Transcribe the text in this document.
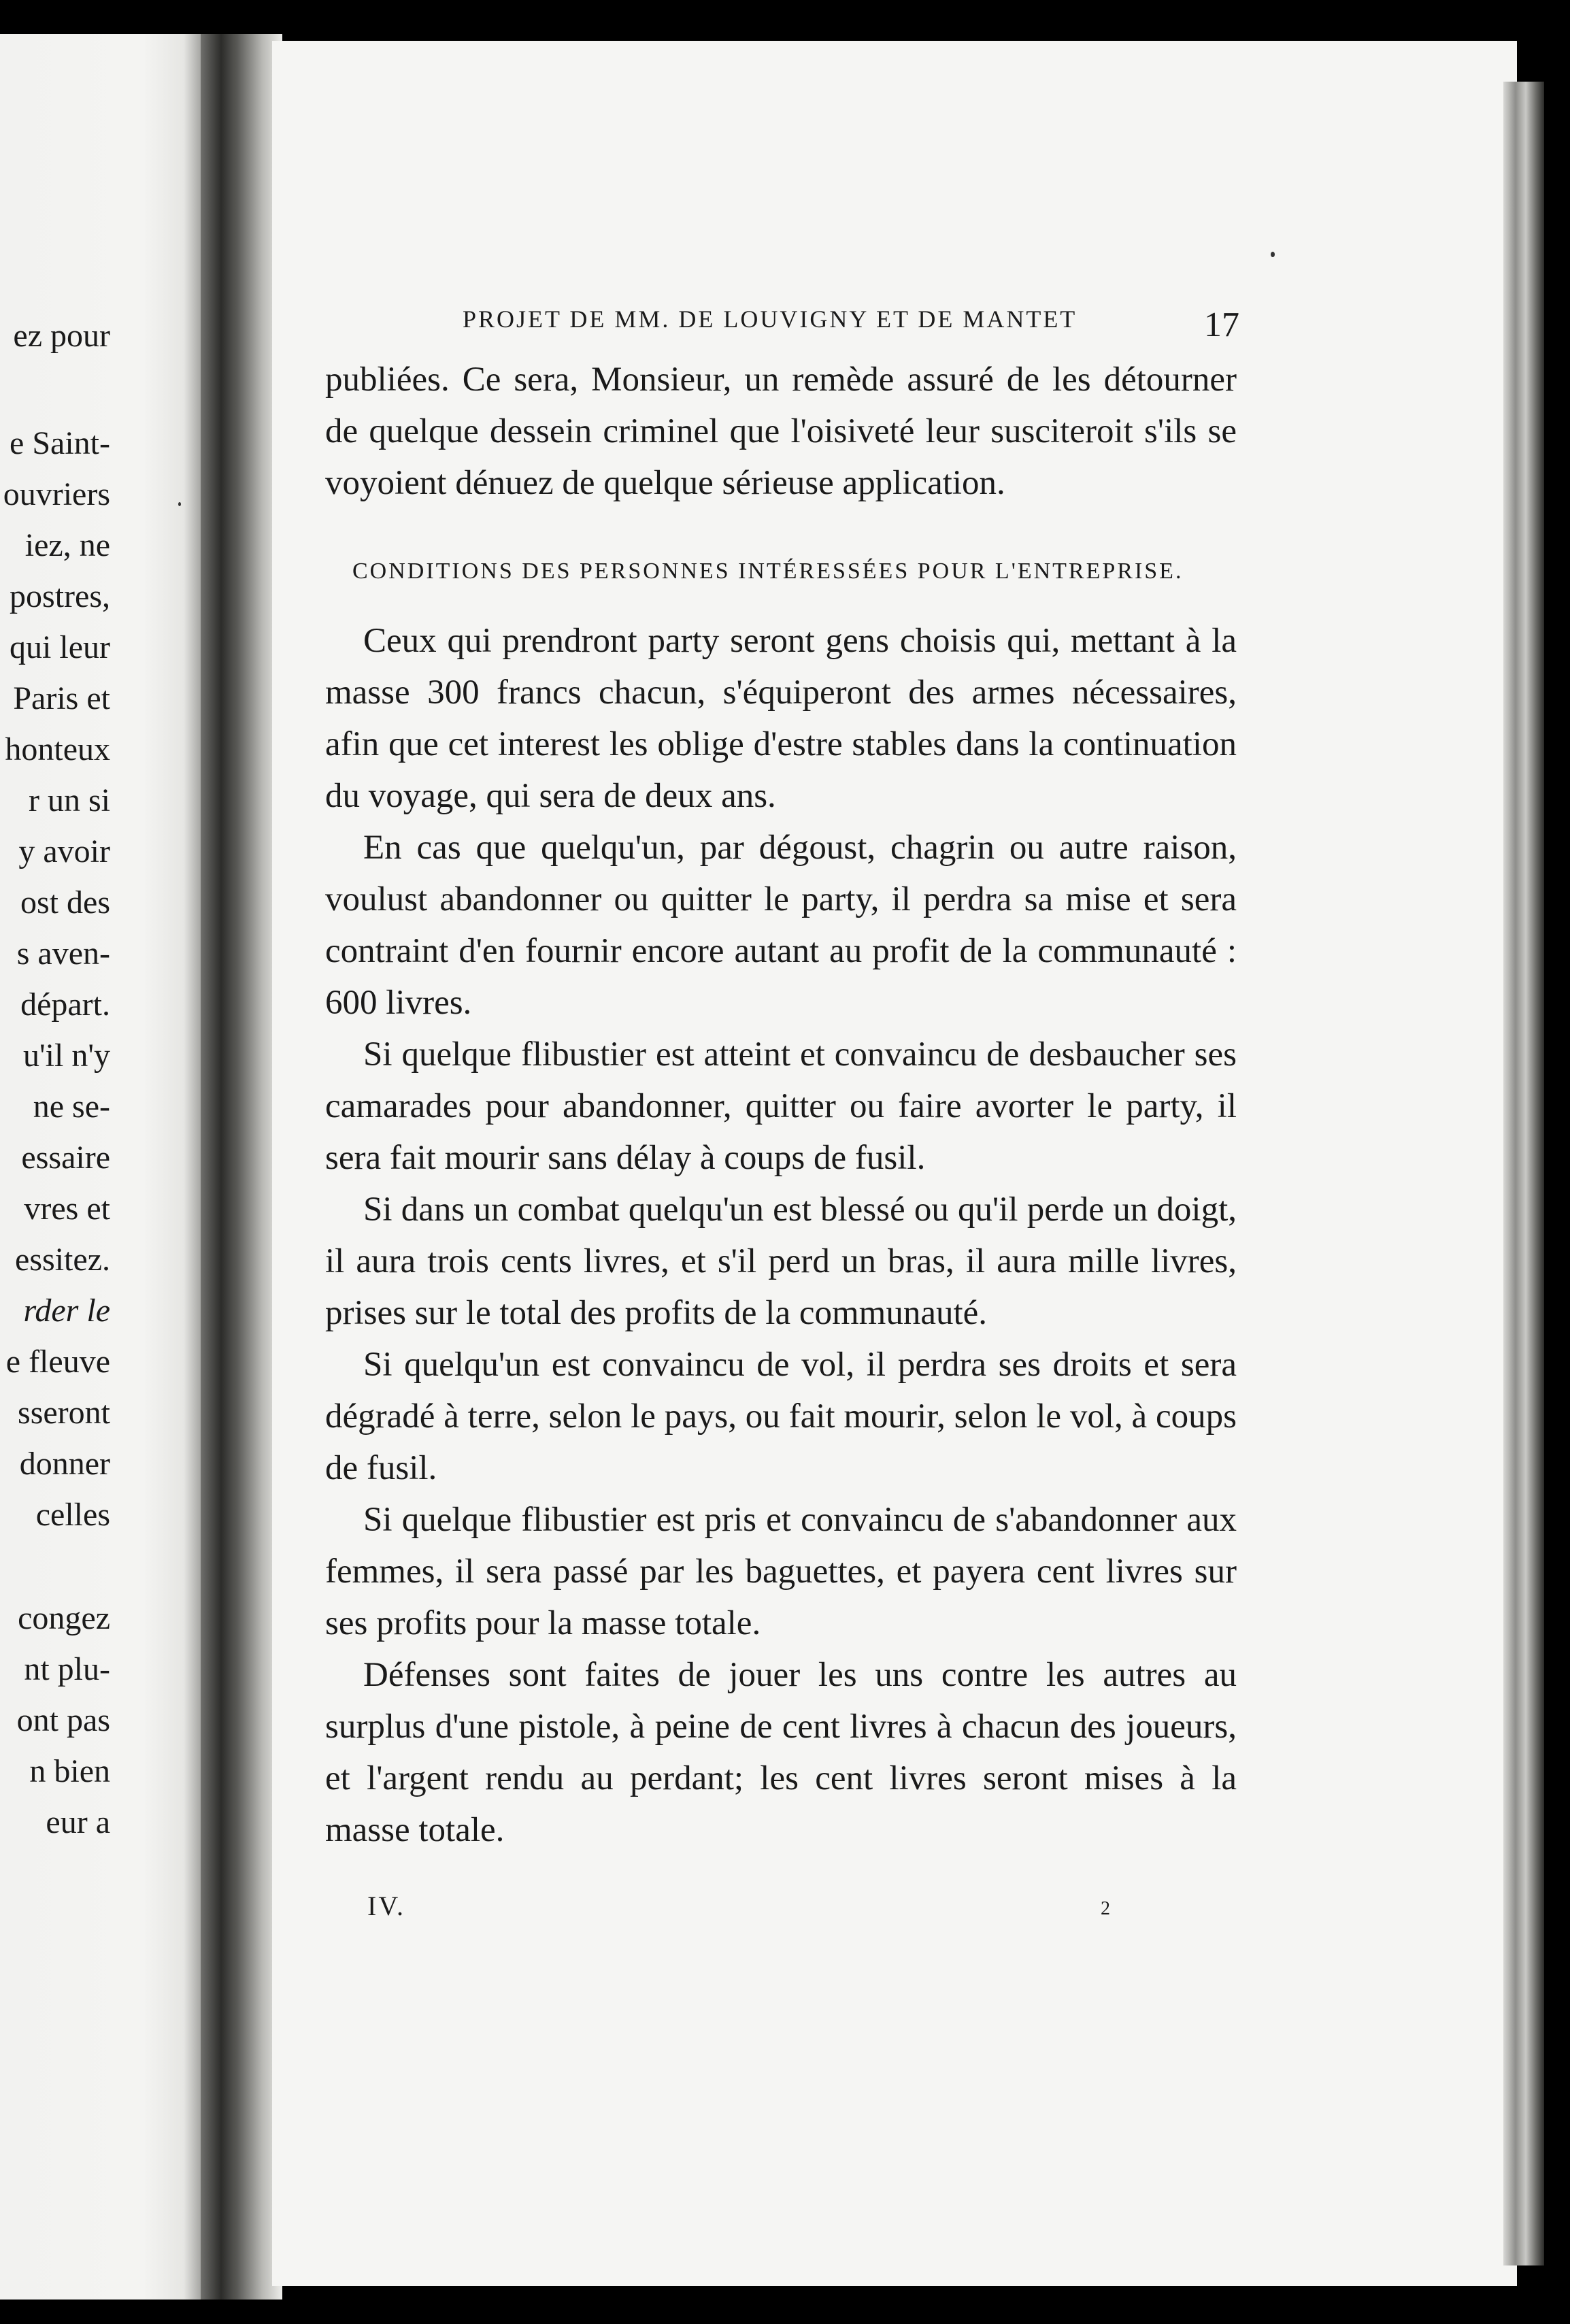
ez pour
e Saint-
ouvriers
iez, ne
postres,
qui leur
Paris et
honteux
r un si
y avoir
ost des
s aven-
départ.
u'il n'y
ne se-
essaire
vres et
essitez.
rder le
e fleuve
sseront
donner
celles
congez
nt plu-
ont pas
n bien
eur a
PROJET DE MM. DE LOUVIGNY ET DE MANTET	17

publiées. Ce sera, Monsieur, un remède assuré de les détourner de quelque dessein criminel que l'oisiveté leur susciteroit s'ils se voyoient dénuez de quelque sérieuse application.

CONDITIONS DES PERSONNES INTÉRESSÉES POUR L'ENTREPRISE.

Ceux qui prendront party seront gens choisis qui, mettant à la masse 300 francs chacun, s'équiperont des armes nécessaires, afin que cet interest les oblige d'estre stables dans la continuation du voyage, qui sera de deux ans.

En cas que quelqu'un, par dégoust, chagrin ou autre raison, voulust abandonner ou quitter le party, il perdra sa mise et sera contraint d'en fournir encore autant au profit de la communauté : 600 livres.

Si quelque flibustier est atteint et convaincu de desbaucher ses camarades pour abandonner, quitter ou faire avorter le party, il sera fait mourir sans délay à coups de fusil.

Si dans un combat quelqu'un est blessé ou qu'il perde un doigt, il aura trois cents livres, et s'il perd un bras, il aura mille livres, prises sur le total des profits de la communauté.

Si quelqu'un est convaincu de vol, il perdra ses droits et sera dégradé à terre, selon le pays, ou fait mourir, selon le vol, à coups de fusil.

Si quelque flibustier est pris et convaincu de s'abandonner aux femmes, il sera passé par les baguettes, et payera cent livres sur ses profits pour la masse totale.

Défenses sont faites de jouer les uns contre les autres au surplus d'une pistole, à peine de cent livres à chacun des joueurs, et l'argent rendu au perdant; les cent livres seront mises à la masse totale.

IV.	2
